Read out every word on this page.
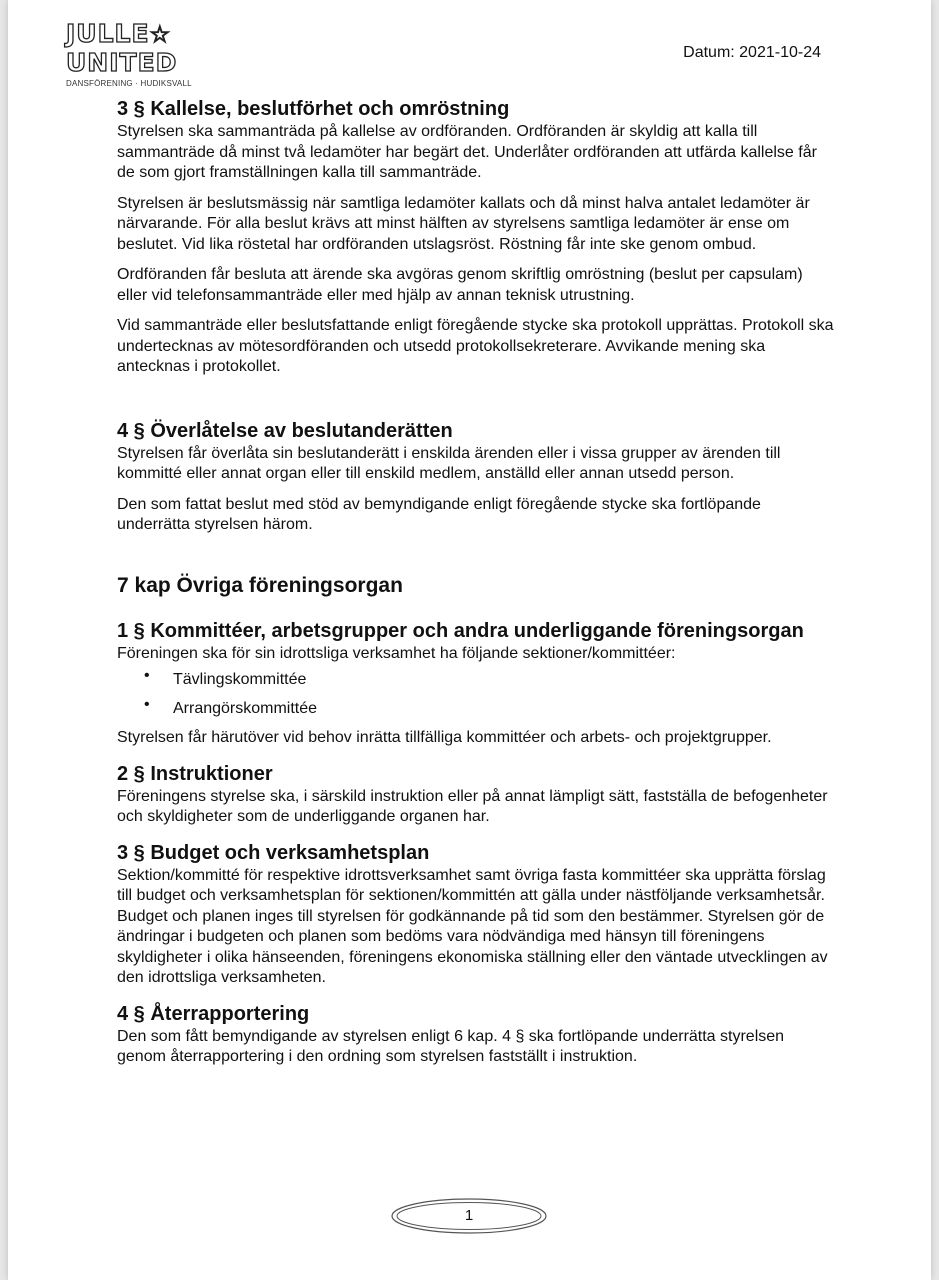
JULLE☆
UNITED
DANSFÖRENING · HUDIKSVALL
Datum: 2021-10-24
3 § Kallelse, beslutförhet och omröstning

Styrelsen ska sammanträda på kallelse av ordföranden. Ordföranden är skyldig att kalla till sammanträde då minst två ledamöter har begärt det. Underlåter ordföranden att utfärda kallelse får de som gjort framställningen kalla till sammanträde.

Styrelsen är beslutsmässig när samtliga ledamöter kallats och då minst halva antalet ledamöter är närvarande. För alla beslut krävs att minst hälften av styrelsens samtliga ledamöter är ense om beslutet. Vid lika röstetal har ordföranden utslagsröst. Röstning får inte ske genom ombud.

Ordföranden får besluta att ärende ska avgöras genom skriftlig omröstning (beslut per capsulam) eller vid telefonsammanträde eller med hjälp av annan teknisk utrustning.

Vid sammanträde eller beslutsfattande enligt föregående stycke ska protokoll upprättas. Protokoll ska undertecknas av mötesordföranden och utsedd protokollsekreterare. Avvikande mening ska antecknas i protokollet.

4 § Överlåtelse av beslutanderätten

Styrelsen får överlåta sin beslutanderätt i enskilda ärenden eller i vissa grupper av ärenden till kommitté eller annat organ eller till enskild medlem, anställd eller annan utsedd person.

Den som fattat beslut med stöd av bemyndigande enligt föregående stycke ska fortlöpande underrätta styrelsen härom.

7 kap Övriga föreningsorgan
1 § Kommittéer, arbetsgrupper och andra underliggande föreningsorgan

Föreningen ska för sin idrottsliga verksamhet ha följande sektioner/kommittéer:

• Tävlingskommittée
• Arrangörskommittée

Styrelsen får härutöver vid behov inrätta tillfälliga kommittéer och arbets- och projektgrupper.

2 § Instruktioner

Föreningens styrelse ska, i särskild instruktion eller på annat lämpligt sätt, fastställa de befogenheter och skyldigheter som de underliggande organen har.

3 § Budget och verksamhetsplan

Sektion/kommitté för respektive idrottsverksamhet samt övriga fasta kommittéer ska upprätta förslag till budget och verksamhetsplan för sektionen/kommittén att gälla under nästföljande verksamhetsår. Budget och planen inges till styrelsen för godkännande på tid som den bestämmer. Styrelsen gör de ändringar i budgeten och planen som bedöms vara nödvändiga med hänsyn till föreningens skyldigheter i olika hänseenden, föreningens ekonomiska ställning eller den väntade utvecklingen av den idrottsliga verksamheten.

4 § Återrapportering

Den som fått bemyndigande av styrelsen enligt 6 kap. 4 § ska fortlöpande underrätta styrelsen genom återrapportering i den ordning som styrelsen fastställt i instruktion.

1
